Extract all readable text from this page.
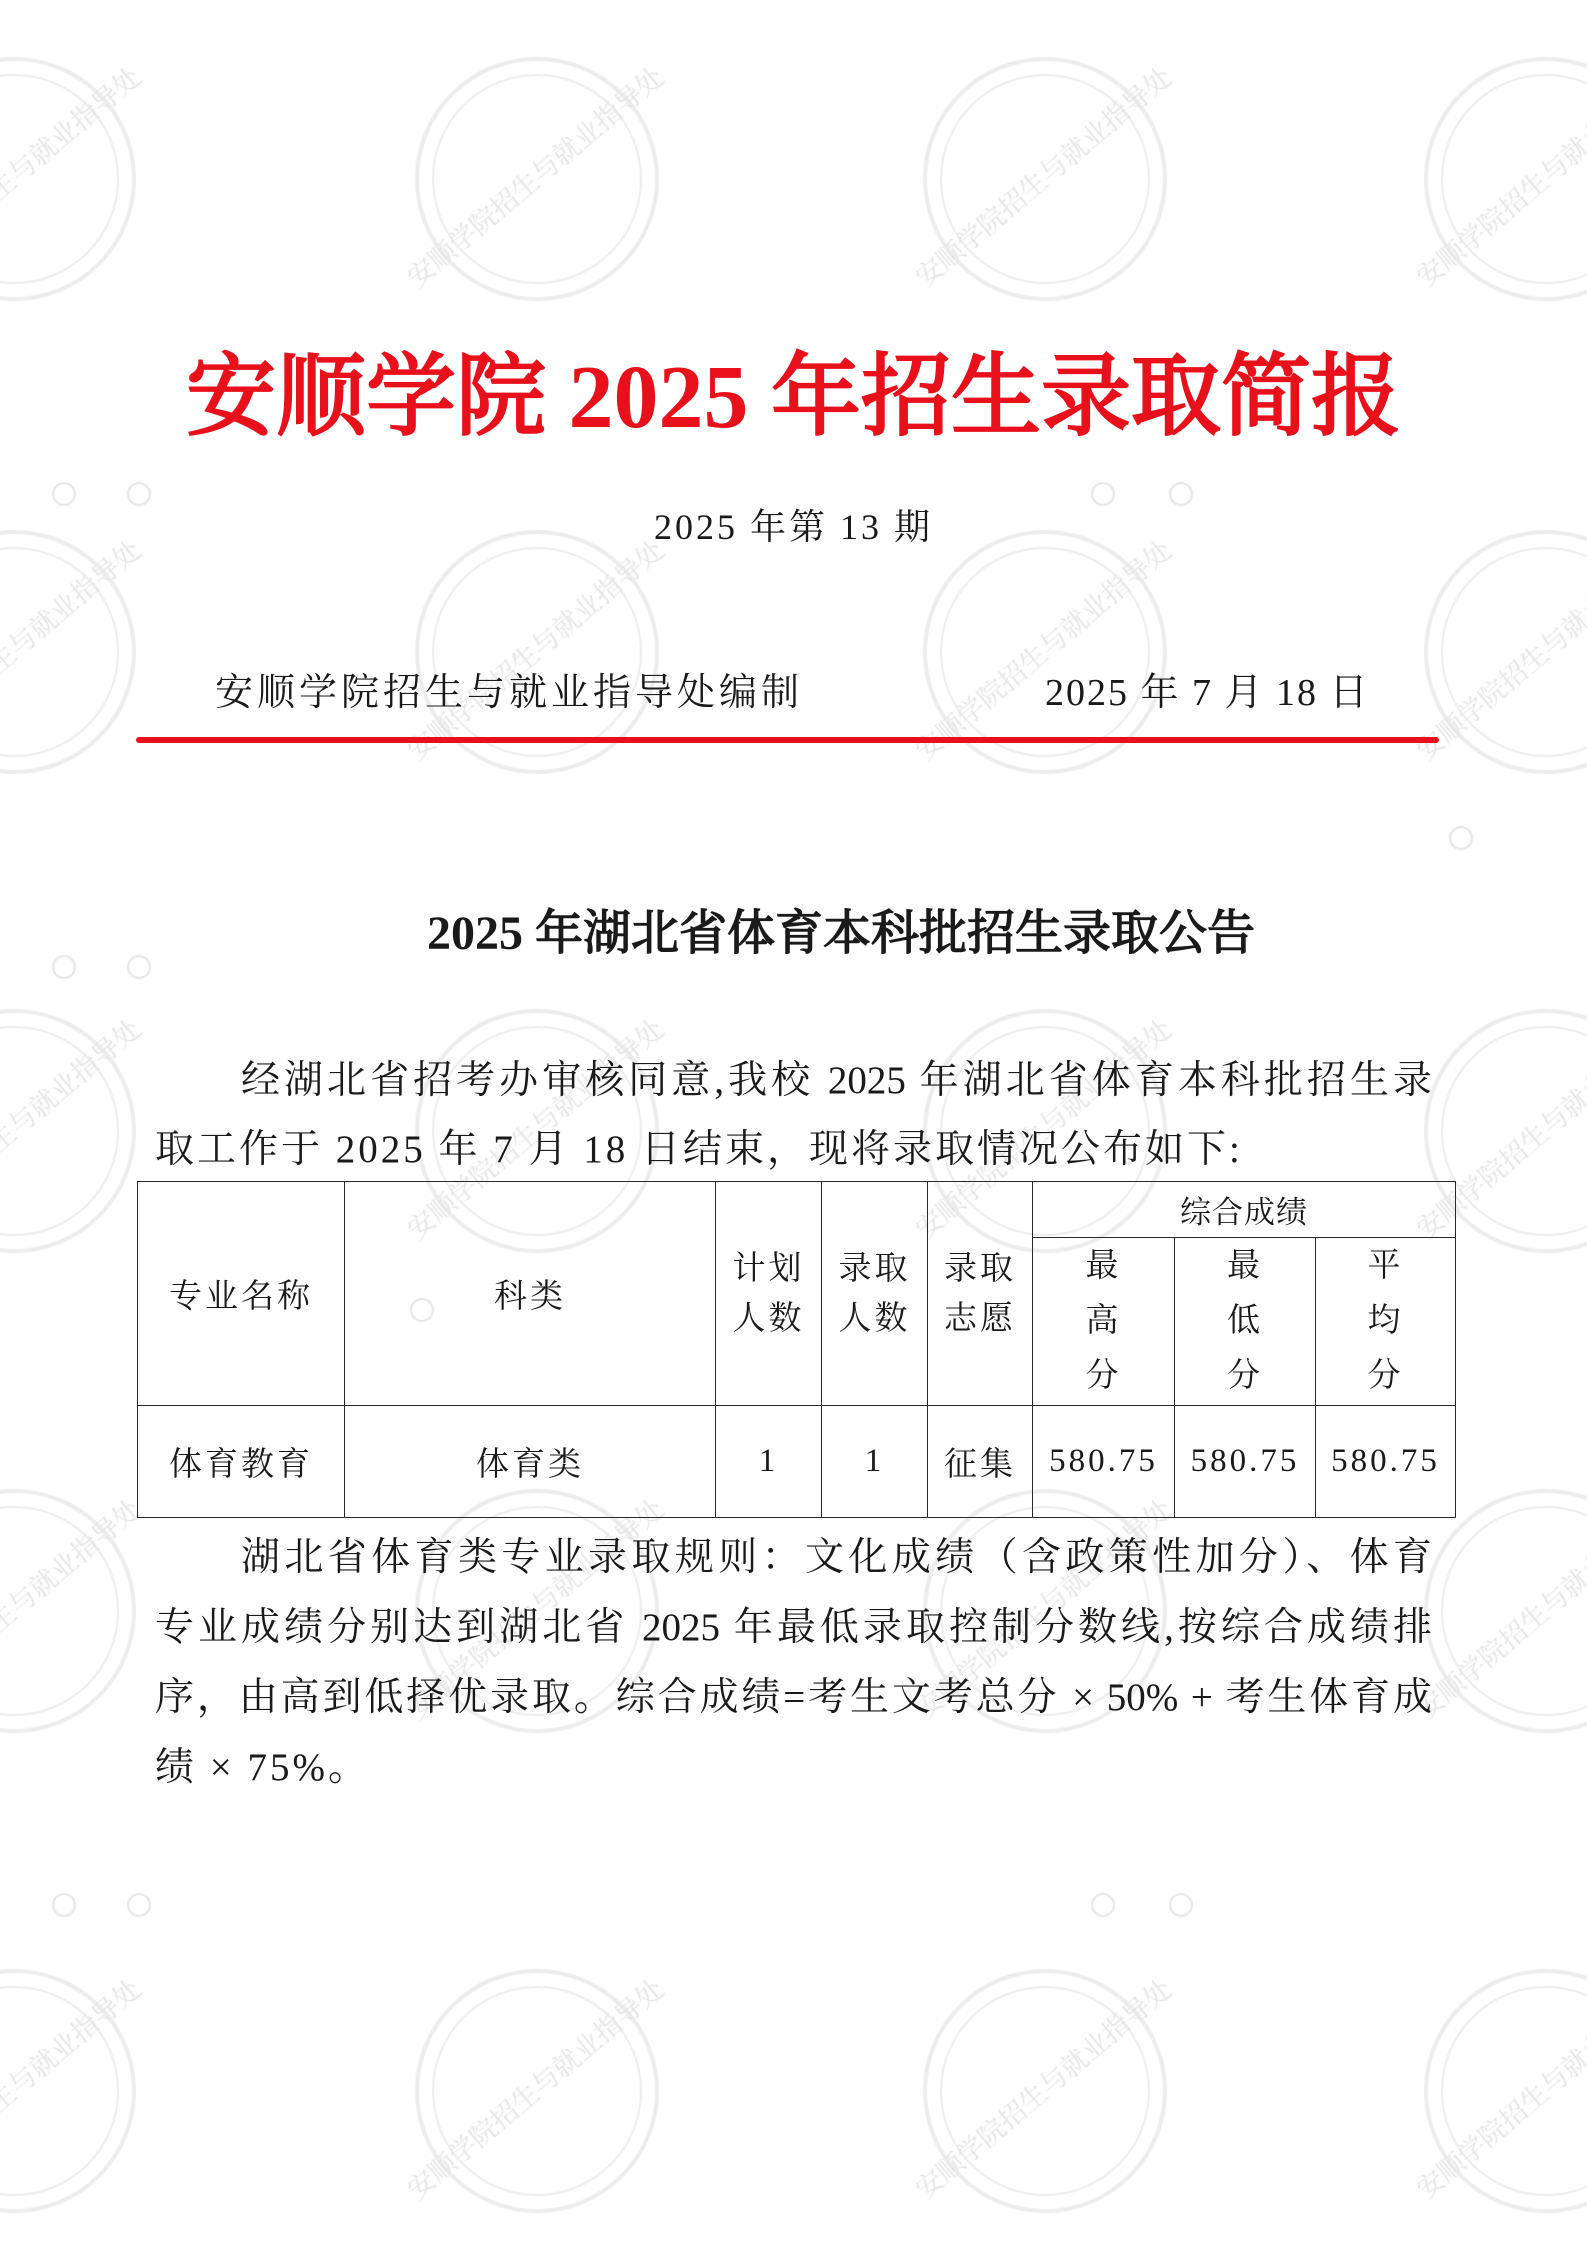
安顺学院 2025 年招生录取简报
2025 年第 13 期
安顺学院招生与就业指导处编制	2025 年 7 月 18 日
2025 年湖北省体育本科批招生录取公告
经湖北省招考办审核同意,我校 2025 年湖北省体育本科批招生录
取工作于 2025 年 7 月 18 日结束，现将录取情况公布如下:
专业名称	科类	计划人数	录取人数	录取志愿	综合成绩		
					最高分	最低分	平均分
体育教育	体育类	1	1	征集	580.75	580.75	580.75
湖北省体育类专业录取规则：文化成绩（含政策性加分）、体育
专业成绩分别达到湖北省 2025 年最低录取控制分数线,按综合成绩排
序，由高到低择优录取。综合成绩=考生文考总分 × 50% + 考生体育成
绩 × 75%。
